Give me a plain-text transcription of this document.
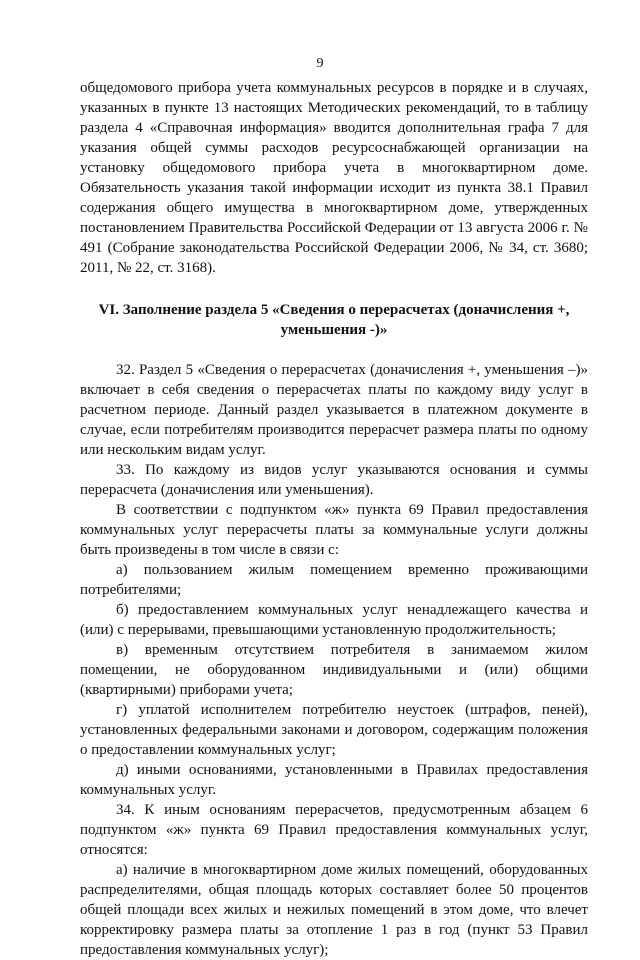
9

общедомового прибора учета коммунальных ресурсов в порядке и в случаях, указанных в пункте 13 настоящих Методических рекомендаций, то в таблицу раздела 4 «Справочная информация» вводится дополнительная графа 7 для указания общей суммы расходов ресурсоснабжающей организации на установку общедомового прибора учета в многоквартирном доме. Обязательность указания такой информации исходит из пункта 38.1 Правил содержания общего имущества в многоквартирном доме, утвержденных постановлением Правительства Российской Федерации от 13 августа 2006 г. № 491 (Собрание законодательства Российской Федерации 2006, № 34, ст. 3680; 2011, № 22, ст. 3168).

VI. Заполнение раздела 5 «Сведения о перерасчетах (доначисления +,
уменьшения -)»

32. Раздел 5 «Сведения о перерасчетах (доначисления +, уменьшения –)» включает в себя сведения о перерасчетах платы по каждому виду услуг в расчетном периоде. Данный раздел указывается в платежном документе в случае, если потребителям производится перерасчет размера платы по одному или нескольким видам услуг.

33. По каждому из видов услуг указываются основания и суммы перерасчета (доначисления или уменьшения).

В соответствии с подпунктом «ж» пункта 69 Правил предоставления коммунальных услуг перерасчеты платы за коммунальные услуги должны быть произведены в том числе в связи с:

а) пользованием жилым помещением временно проживающими потребителями;

б) предоставлением коммунальных услуг ненадлежащего качества и (или) с перерывами, превышающими установленную продолжительность;

в) временным отсутствием потребителя в занимаемом жилом помещении, не оборудованном индивидуальными и (или) общими (квартирными) приборами учета;

г) уплатой исполнителем потребителю неустоек (штрафов, пеней), установленных федеральными законами и договором, содержащим положения о предоставлении коммунальных услуг;

д) иными основаниями, установленными в Правилах предоставления коммунальных услуг.

34. К иным основаниям перерасчетов, предусмотренным абзацем 6 подпунктом «ж» пункта 69 Правил предоставления коммунальных услуг, относятся:

а) наличие в многоквартирном доме жилых помещений, оборудованных распределителями, общая площадь которых составляет более 50 процентов общей площади всех жилых и нежилых помещений в этом доме, что влечет корректировку размера платы за отопление 1 раз в год (пункт 53 Правил предоставления коммунальных услуг);
